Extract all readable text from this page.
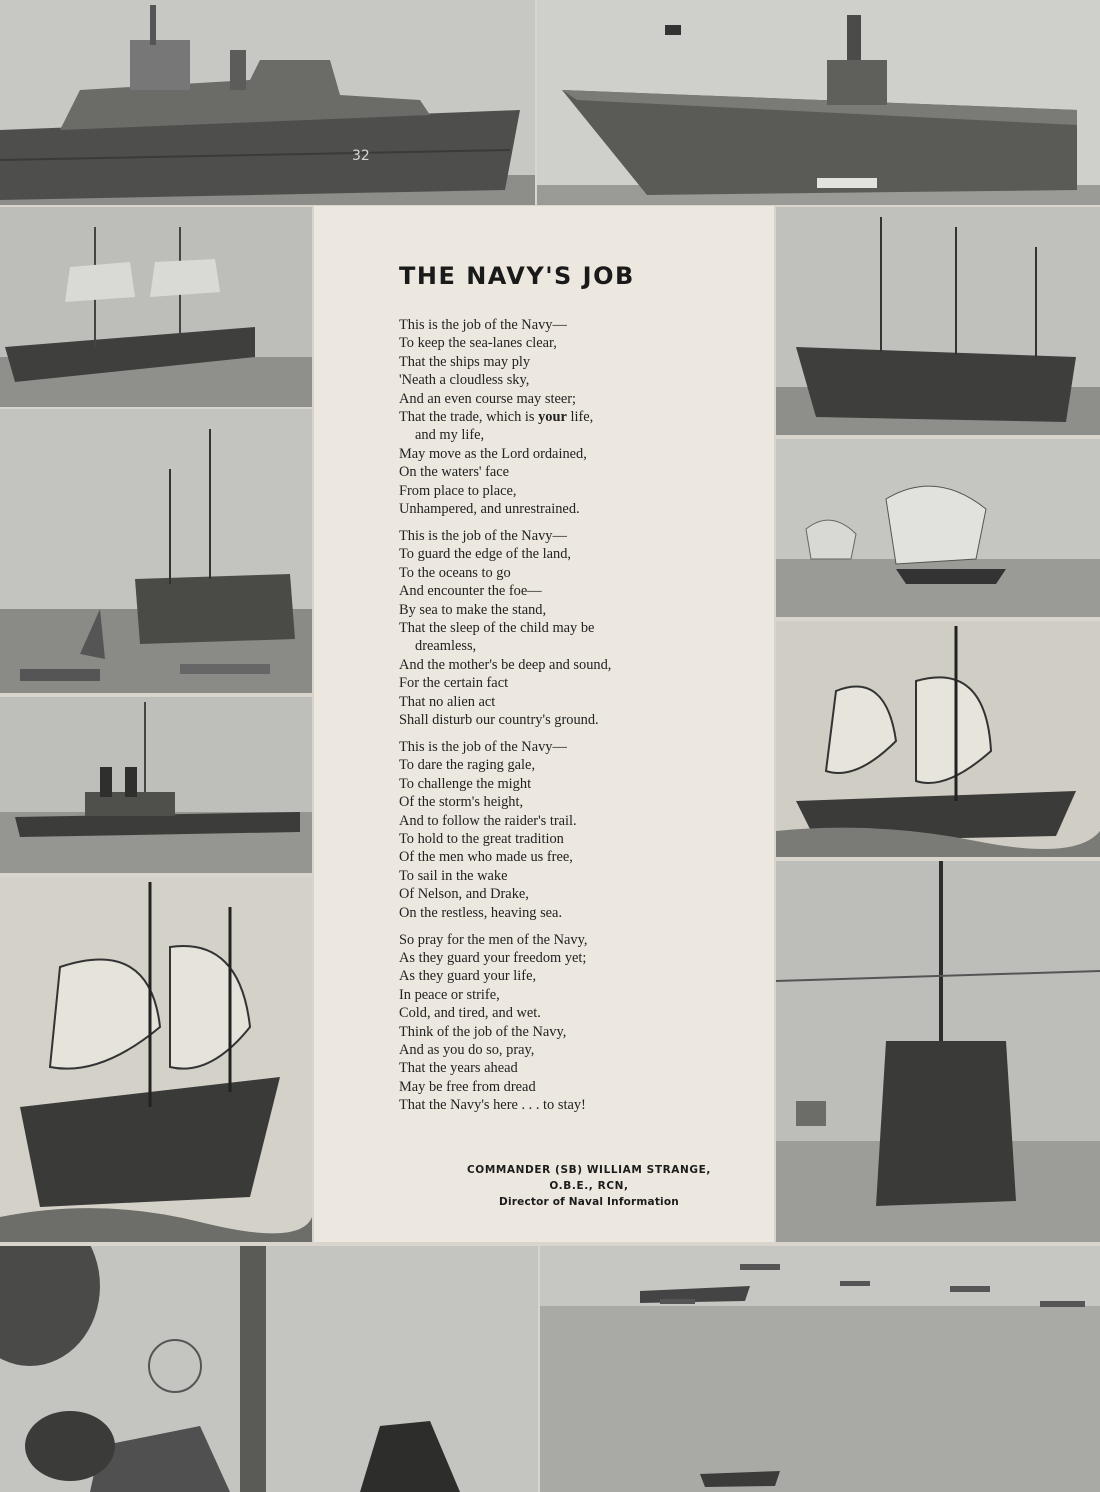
32
THE NAVY'S JOB
This is the job of the Navy—
To keep the sea-lanes clear,
That the ships may ply
'Neath a cloudless sky,
And an even course may steer;
That the trade, which is your life,
and my life,
May move as the Lord ordained,
On the waters' face
From place to place,
Unhampered, and unrestrained.
This is the job of the Navy—
To guard the edge of the land,
To the oceans to go
And encounter the foe—
By sea to make the stand,
That the sleep of the child may be
dreamless,
And the mother's be deep and sound,
For the certain fact
That no alien act
Shall disturb our country's ground.
This is the job of the Navy—
To dare the raging gale,
To challenge the might
Of the storm's height,
And to follow the raider's trail.
To hold to the great tradition
Of the men who made us free,
To sail in the wake
Of Nelson, and Drake,
On the restless, heaving sea.
So pray for the men of the Navy,
As they guard your freedom yet;
As they guard your life,
In peace or strife,
Cold, and tired, and wet.
Think of the job of the Navy,
And as you do so, pray,
That the years ahead
May be free from dread
That the Navy's here . . . to stay!
COMMANDER (SB) WILLIAM STRANGE,
O.B.E., RCN,
Director of Naval Information
